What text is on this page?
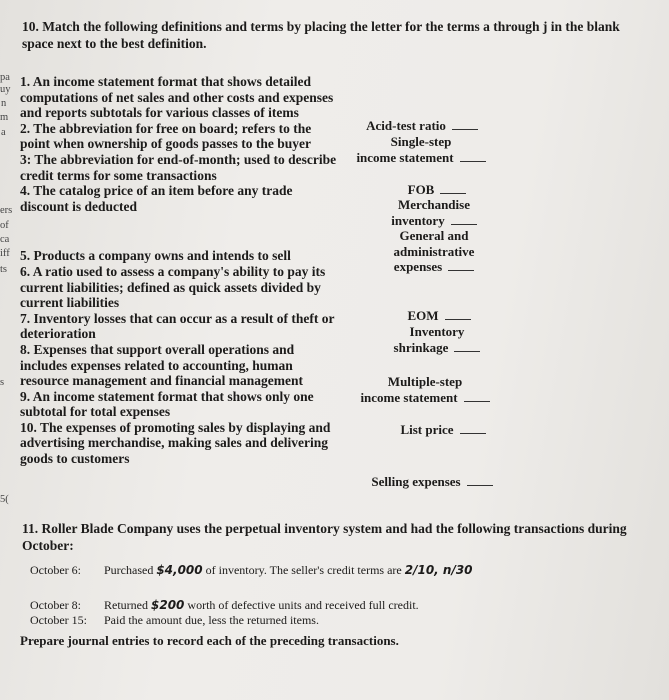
pa
uy
n
m
a
ers
of
ca
iff
ts
s
5(
10. Match the following definitions and terms by placing the letter for the terms a through j in the blank space next to the best definition.
1. An income statement format that shows detailed computations of net sales and other costs and expenses and reports subtotals for various classes of items
2. The abbreviation for free on board; refers to the point when ownership of goods passes to the buyer
3: The abbreviation for end-of-month; used to describe credit terms for some transactions
4. The catalog price of an item before any trade discount is deducted
5. Products a company owns and intends to sell
6. A ratio used to assess a company's ability to pay its current liabilities; defined as quick assets divided by current liabilities
7. Inventory losses that can occur as a result of theft or deterioration
8. Expenses that support overall operations and includes expenses related to accounting, human resource management and financial management
9. An income statement format that shows only one subtotal for total expenses
10. The expenses of promoting sales by displaying and advertising merchandise, making sales and delivering goods to customers
Acid-test ratio
Single-step
income statement
FOB
Merchandise
inventory
General and
administrative
expenses
EOM
Inventory
shrinkage
Multiple-step
income statement
List price
Selling expenses
11. Roller Blade Company uses the perpetual inventory system and had the following transactions during October:
October 6: Purchased $4,000 of inventory. The seller's credit terms are 2/10, n/30
October 8: Returned $200 worth of defective units and received full credit.
October 15: Paid the amount due, less the returned items.
Prepare journal entries to record each of the preceding transactions.
